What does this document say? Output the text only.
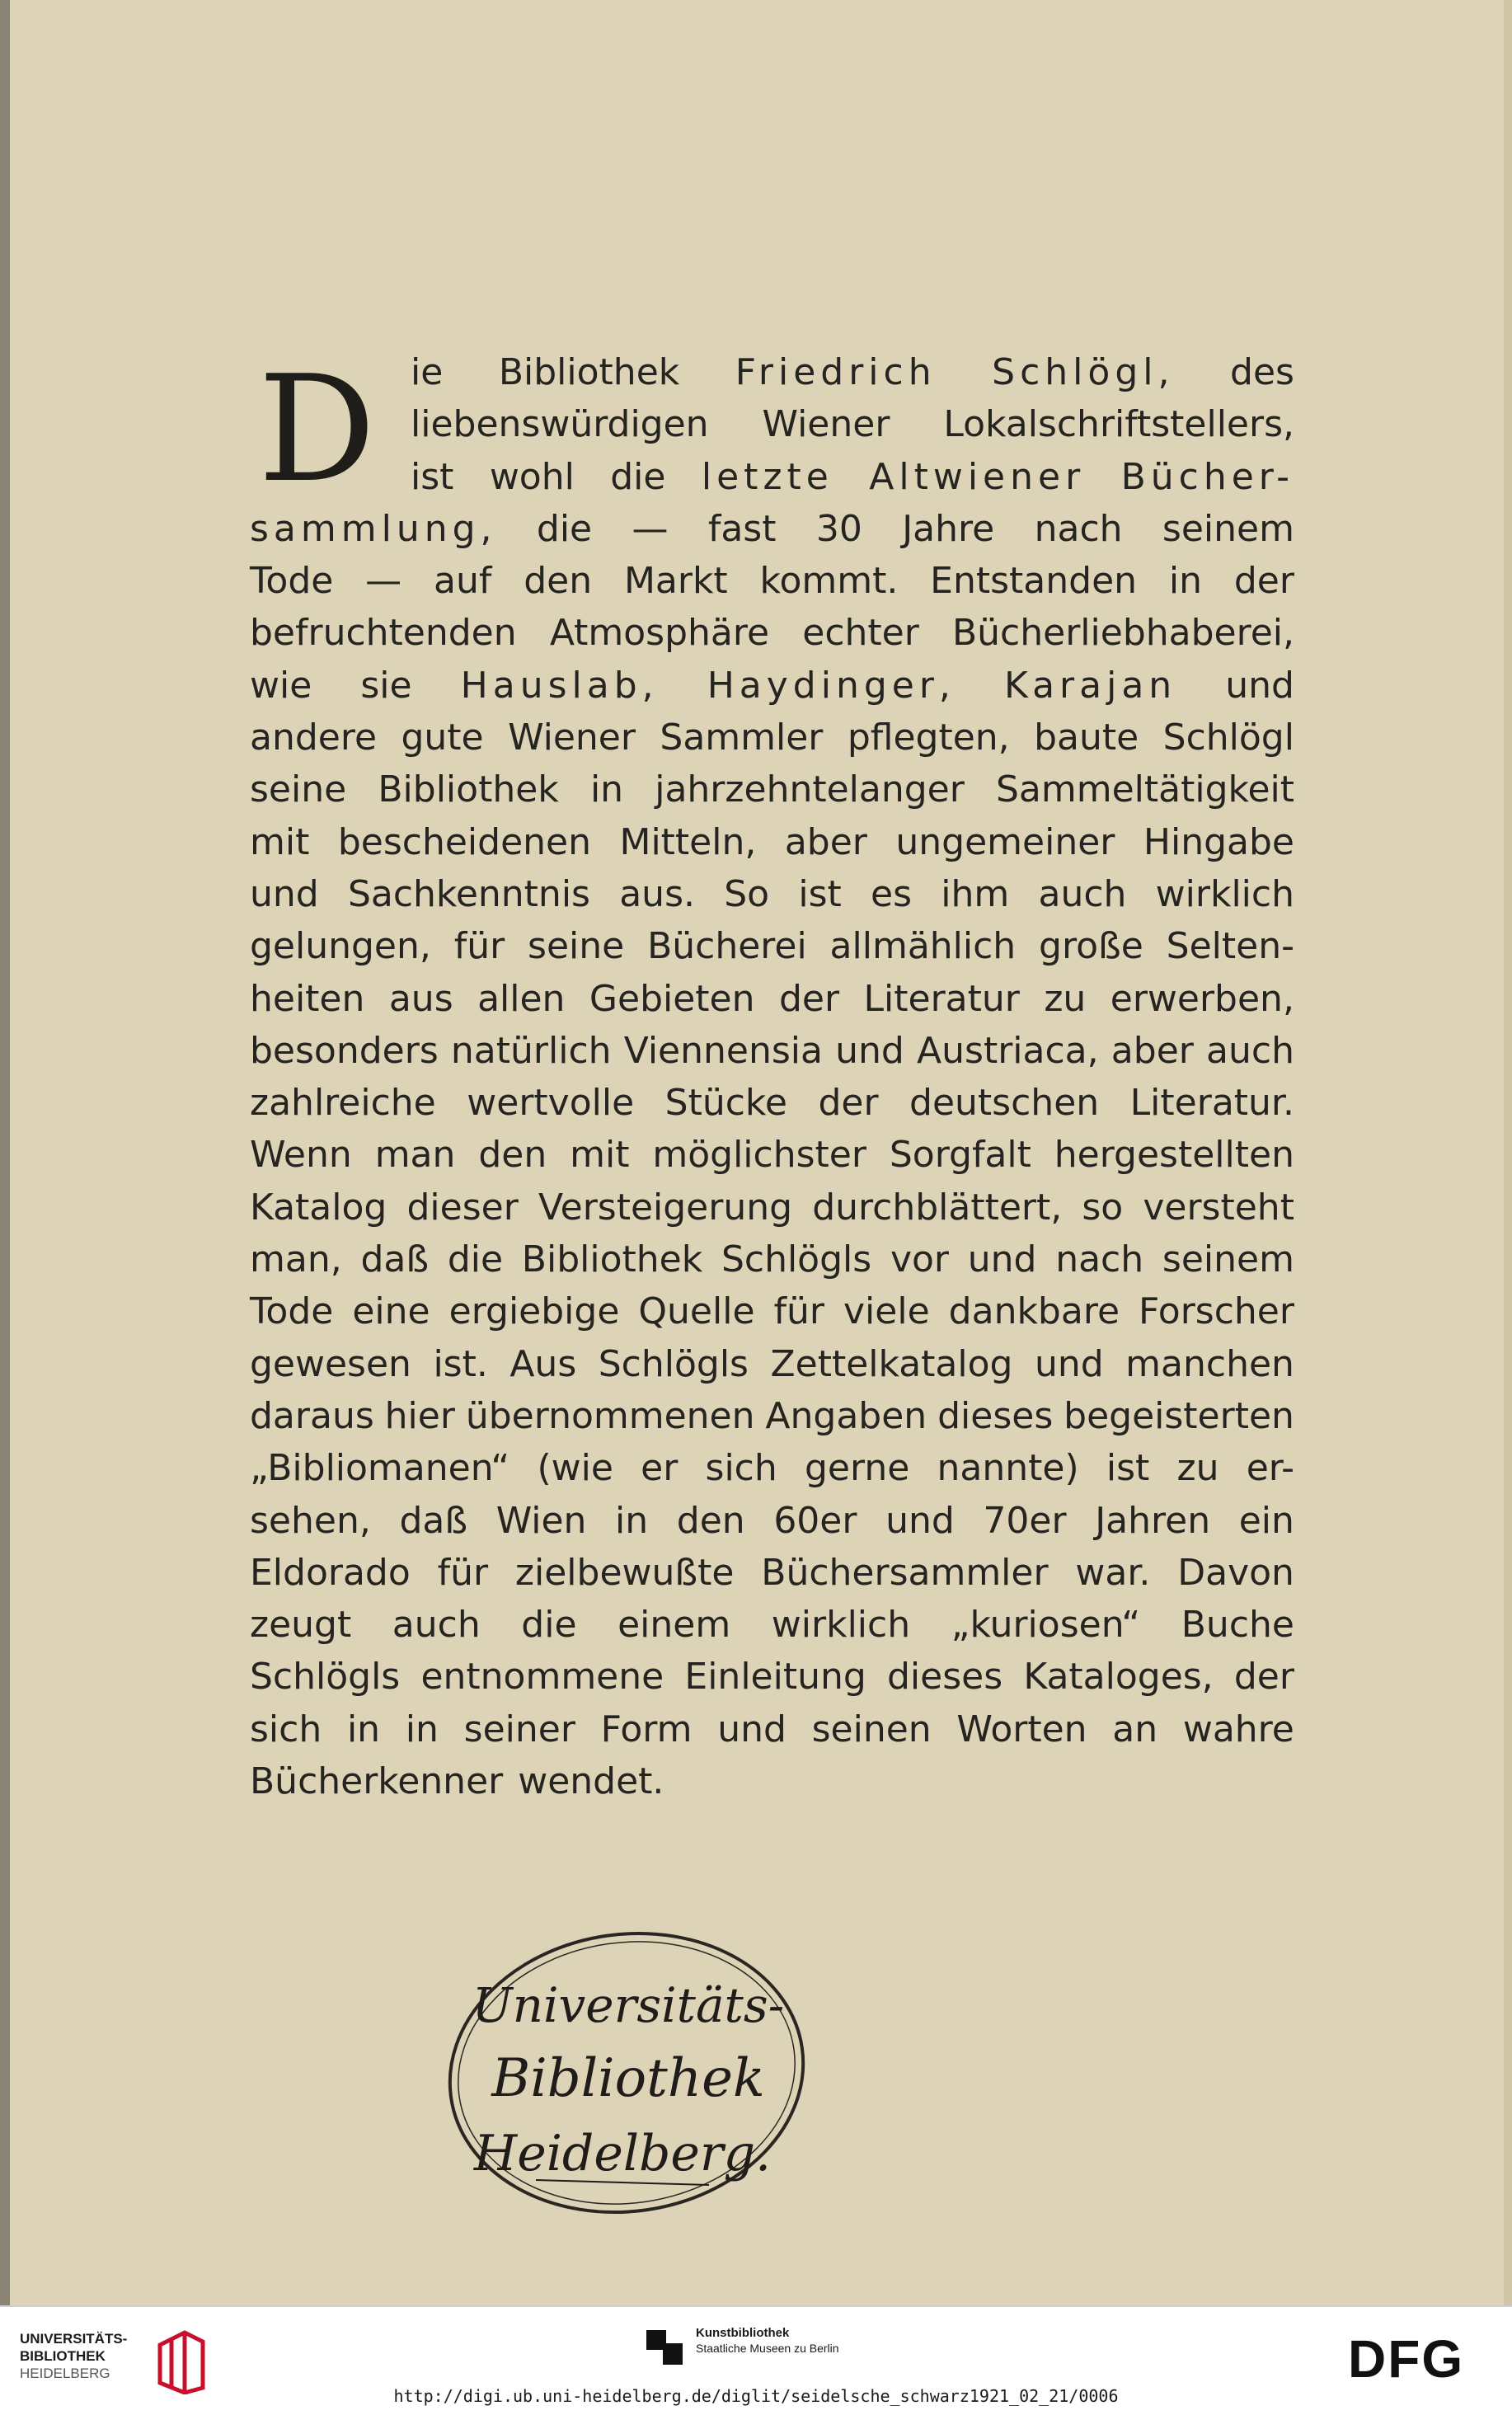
D ie Bibliothek Friedrich Schlögl, des
liebenswürdigen Wiener Lokalschriftstellers,
ist wohl die letzte Altwiener Bücher-
sammlung, die — fast 30 Jahre nach seinem
Tode — auf den Markt kommt. Entstanden in der
befruchtenden Atmosphäre echter Bücherliebhaberei,
wie sie Hauslab, Haydinger, Karajan und
andere gute Wiener Sammler pflegten, baute Schlögl
seine Bibliothek in jahrzehntelanger Sammeltätigkeit
mit bescheidenen Mitteln, aber ungemeiner Hingabe
und Sachkenntnis aus. So ist es ihm auch wirklich
gelungen, für seine Bücherei allmählich große Selten-
heiten aus allen Gebieten der Literatur zu erwerben,
besonders natürlich Viennensia und Austriaca, aber auch
zahlreiche wertvolle Stücke der deutschen Literatur.
Wenn man den mit möglichster Sorgfalt hergestellten
Katalog dieser Versteigerung durchblättert, so versteht
man, daß die Bibliothek Schlögls vor und nach seinem
Tode eine ergiebige Quelle für viele dankbare Forscher
gewesen ist. Aus Schlögls Zettelkatalog und manchen
daraus hier übernommenen Angaben dieses begeisterten
„Bibliomanen“ (wie er sich gerne nannte) ist zu er-
sehen, daß Wien in den 60er und 70er Jahren ein
Eldorado für zielbewußte Büchersammler war. Davon
zeugt auch die einem wirklich „kuriosen“ Buche
Schlögls entnommene Einleitung dieses Kataloges, der
sich in in seiner Form und seinen Worten an wahre
Bücherkenner wendet.
Universitäts-
Bibliothek
Heidelberg.
UNIVERSITÄTS-
BIBLIOTHEK
HEIDELBERG
Kunstbibliothek
Staatliche Museen zu Berlin	DFG
http://digi.ub.uni-heidelberg.de/diglit/seidelsche_schwarz1921_02_21/0006
